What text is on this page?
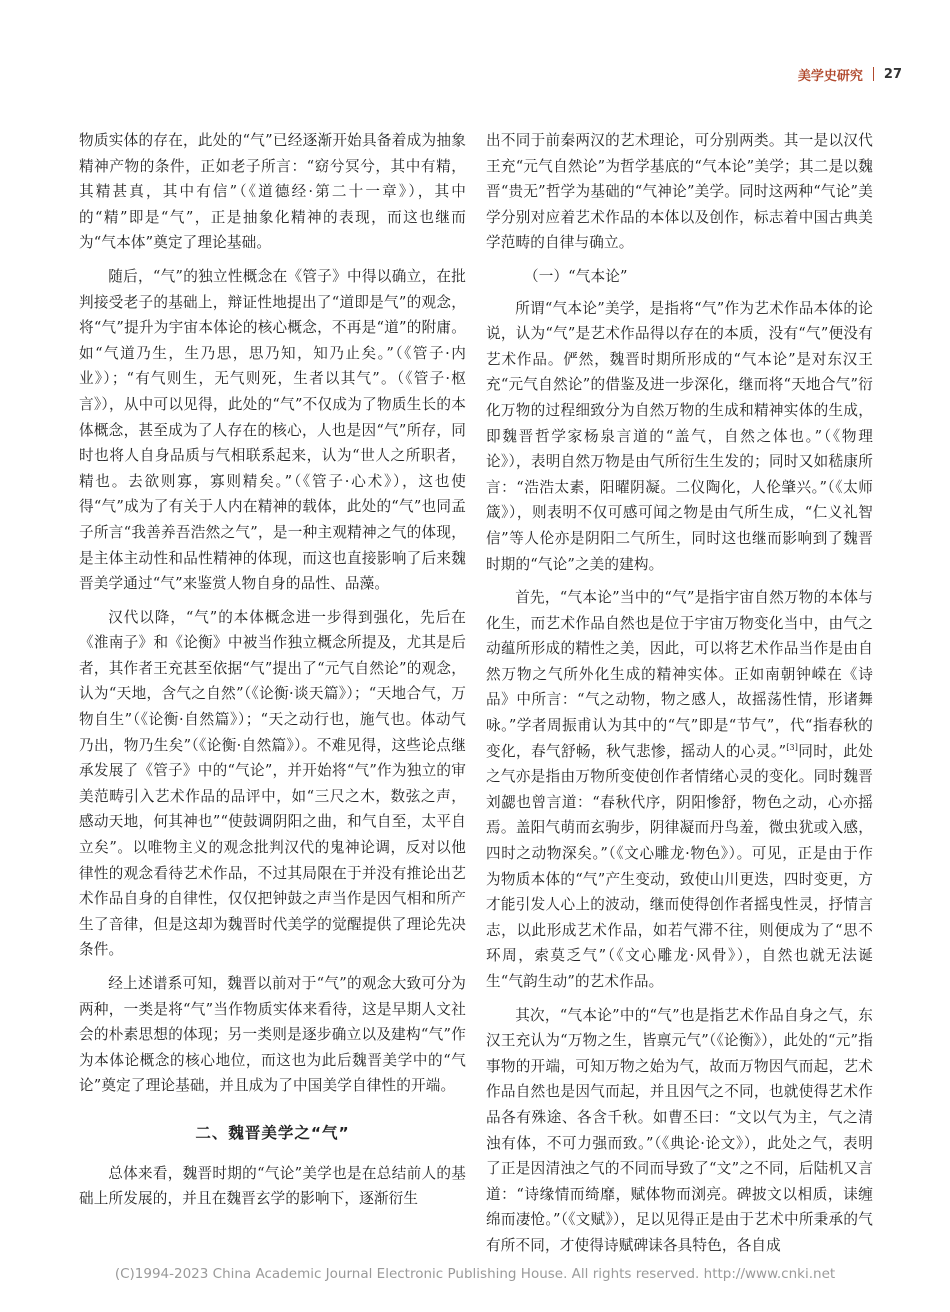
美学史研究 27

物质实体的存在，此处的“气”已经逐渐开始具备着成为抽象精神产物的条件，正如老子所言：“窈兮冥兮，其中有精，其精甚真，其中有信”（《道德经·第二十一章》），其中的“精”即是“气”，正是抽象化精神的表现，而这也继而为“气本体”奠定了理论基础。

随后，“气”的独立性概念在《管子》中得以确立，在批判接受老子的基础上，辩证性地提出了“道即是气”的观念，将“气”提升为宇宙本体论的核心概念，不再是“道”的附庸。如“气道乃生，生乃思，思乃知，知乃止矣。”（《管子·内业》）；“有气则生，无气则死，生者以其气”。（《管子·枢言》），从中可以见得，此处的“气”不仅成为了物质生长的本体概念，甚至成为了人存在的核心，人也是因“气”所存，同时也将人自身品质与气相联系起来，认为“世人之所职者，精也。去欲则寡，寡则精矣。”（《管子·心术》），这也使得“气”成为了有关于人内在精神的载体，此处的“气”也同孟子所言“我善养吾浩然之气”，是一种主观精神之气的体现，是主体主动性和品性精神的体现，而这也直接影响了后来魏晋美学通过“气”来鉴赏人物自身的品性、品藻。

汉代以降，“气”的本体概念进一步得到强化，先后在《淮南子》和《论衡》中被当作独立概念所提及，尤其是后者，其作者王充甚至依据“气”提出了“元气自然论”的观念，认为“天地，含气之自然”（《论衡·谈天篇》）；“天地合气，万物自生”（《论衡·自然篇》）；“天之动行也，施气也。体动气乃出，物乃生矣”（《论衡·自然篇》）。不难见得，这些论点继承发展了《管子》中的“气论”，并开始将“气”作为独立的审美范畴引入艺术作品的品评中，如“三尺之木，数弦之声，感动天地，何其神也”“使鼓调阴阳之曲，和气自至，太平自立矣”。以唯物主义的观念批判汉代的鬼神论调，反对以他律性的观念看待艺术作品，不过其局限在于并没有推论出艺术作品自身的自律性，仅仅把钟鼓之声当作是因气相和所产生了音律，但是这却为魏晋时代美学的觉醒提供了理论先决条件。

经上述谱系可知，魏晋以前对于“气”的观念大致可分为两种，一类是将“气”当作物质实体来看待，这是早期人文社会的朴素思想的体现；另一类则是逐步确立以及建构“气”作为本体论概念的核心地位，而这也为此后魏晋美学中的“气论”奠定了理论基础，并且成为了中国美学自律性的开端。

二、魏晋美学之“气”

总体来看，魏晋时期的“气论”美学也是在总结前人的基础上所发展的，并且在魏晋玄学的影响下，逐渐衍生

出不同于前秦两汉的艺术理论，可分别两类。其一是以汉代王充“元气自然论”为哲学基底的“气本论”美学；其二是以魏晋“贵无”哲学为基础的“气神论”美学。同时这两种“气论”美学分别对应着艺术作品的本体以及创作，标志着中国古典美学范畴的自律与确立。

（一）“气本论”

所谓“气本论”美学，是指将“气”作为艺术作品本体的论说，认为“气”是艺术作品得以存在的本质，没有“气”便没有艺术作品。俨然，魏晋时期所形成的“气本论”是对东汉王充“元气自然论”的借鉴及进一步深化，继而将“天地合气”衍化万物的过程细致分为自然万物的生成和精神实体的生成，即魏晋哲学家杨泉言道的“盖气，自然之体也。”（《物理论》），表明自然万物是由气所衍生生发的；同时又如嵇康所言：“浩浩太素，阳曜阴凝。二仪陶化，人伦肇兴。”（《太师箴》），则表明不仅可感可闻之物是由气所生成，“仁义礼智信”等人伦亦是阴阳二气所生，同时这也继而影响到了魏晋时期的“气论”之美的建构。

首先，“气本论”当中的“气”是指宇宙自然万物的本体与化生，而艺术作品自然也是位于宇宙万物变化当中，由气之动蕴所形成的精性之美，因此，可以将艺术作品当作是由自然万物之气所外化生成的精神实体。正如南朝钟嵘在《诗品》中所言：“气之动物，物之感人，故摇荡性情，形诸舞咏。”学者周振甫认为其中的“气”即是“节气”，代“指春秋的变化，春气舒畅，秋气悲惨，摇动人的心灵。”[3]同时，此处之气亦是指由万物所变使创作者情绪心灵的变化。同时魏晋刘勰也曾言道：“春秋代序，阴阳惨舒，物色之动，心亦摇焉。盖阳气萌而玄驹步，阴律凝而丹鸟羞，微虫犹或入感，四时之动物深矣。”（《文心雕龙·物色》）。可见，正是由于作为物质本体的“气”产生变动，致使山川更迭，四时变更，方才能引发人心上的波动，继而使得创作者摇曳性灵，抒情言志，以此形成艺术作品，如若气滞不往，则便成为了“思不环周，索莫乏气”（《文心雕龙·风骨》），自然也就无法诞生“气韵生动”的艺术作品。

其次，“气本论”中的“气”也是指艺术作品自身之气，东汉王充认为“万物之生，皆禀元气”（《论衡》），此处的“元”指事物的开端，可知万物之始为气，故而万物因气而起，艺术作品自然也是因气而起，并且因气之不同，也就使得艺术作品各有殊途、各含千秋。如曹丕曰：“文以气为主，气之清浊有体，不可力强而致。”（《典论·论文》），此处之气，表明了正是因清浊之气的不同而导致了“文”之不同，后陆机又言道：“诗缘情而绮靡，赋体物而浏亮。碑披文以相质，诔缠绵而凄怆。”（《文赋》），足以见得正是由于艺术中所秉承的气有所不同，才使得诗赋碑诔各具特色，各自成

(C)1994-2023 China Academic Journal Electronic Publishing House. All rights reserved. http://www.cnki.net
